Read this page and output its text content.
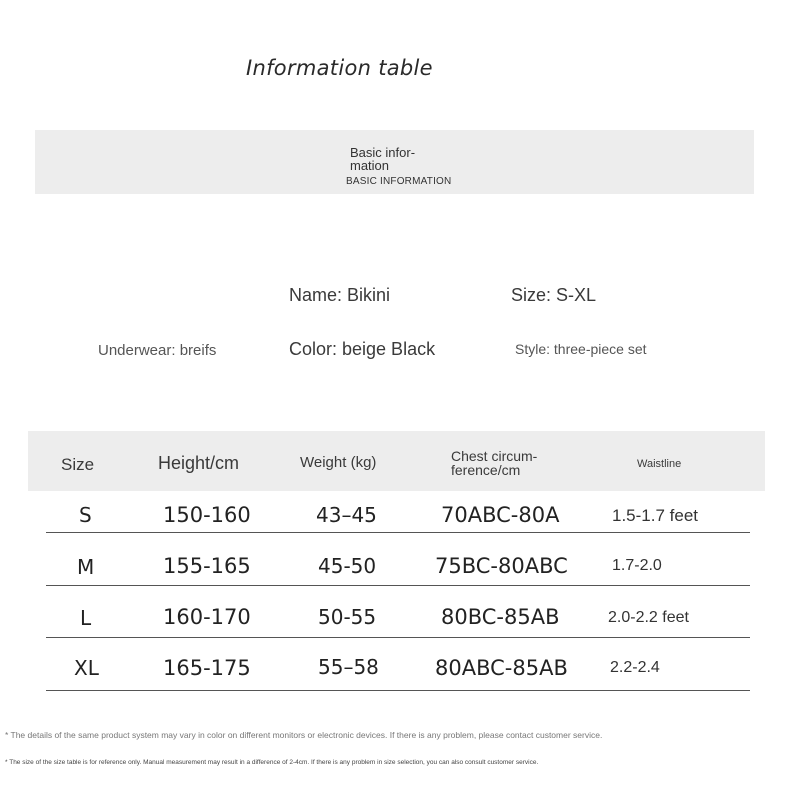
Information table
Basic infor-mation
BASIC INFORMATION
Name: Bikini	Size: S-XL
Underwear: breifs	Color: beige Black	Style: three-piece set
Size	Height/cm	Weight (kg)	Chest circum-ference/cm	Waistline
S	150-160	43–45	70ABC-80A	1.5-1.7 feet
M	155-165	45-50	75BC-80ABC	1.7-2.0
L	160-170	50-55	80BC-85AB	2.0-2.2 feet
XL	165-175	55–58	80ABC-85AB	2.2-2.4
* The details of the same product system may vary in color on different monitors or electronic devices. If there is any problem, please contact customer service.
* The size of the size table is for reference only. Manual measurement may result in a difference of 2-4cm. If there is any problem in size selection, you can also consult customer service.
